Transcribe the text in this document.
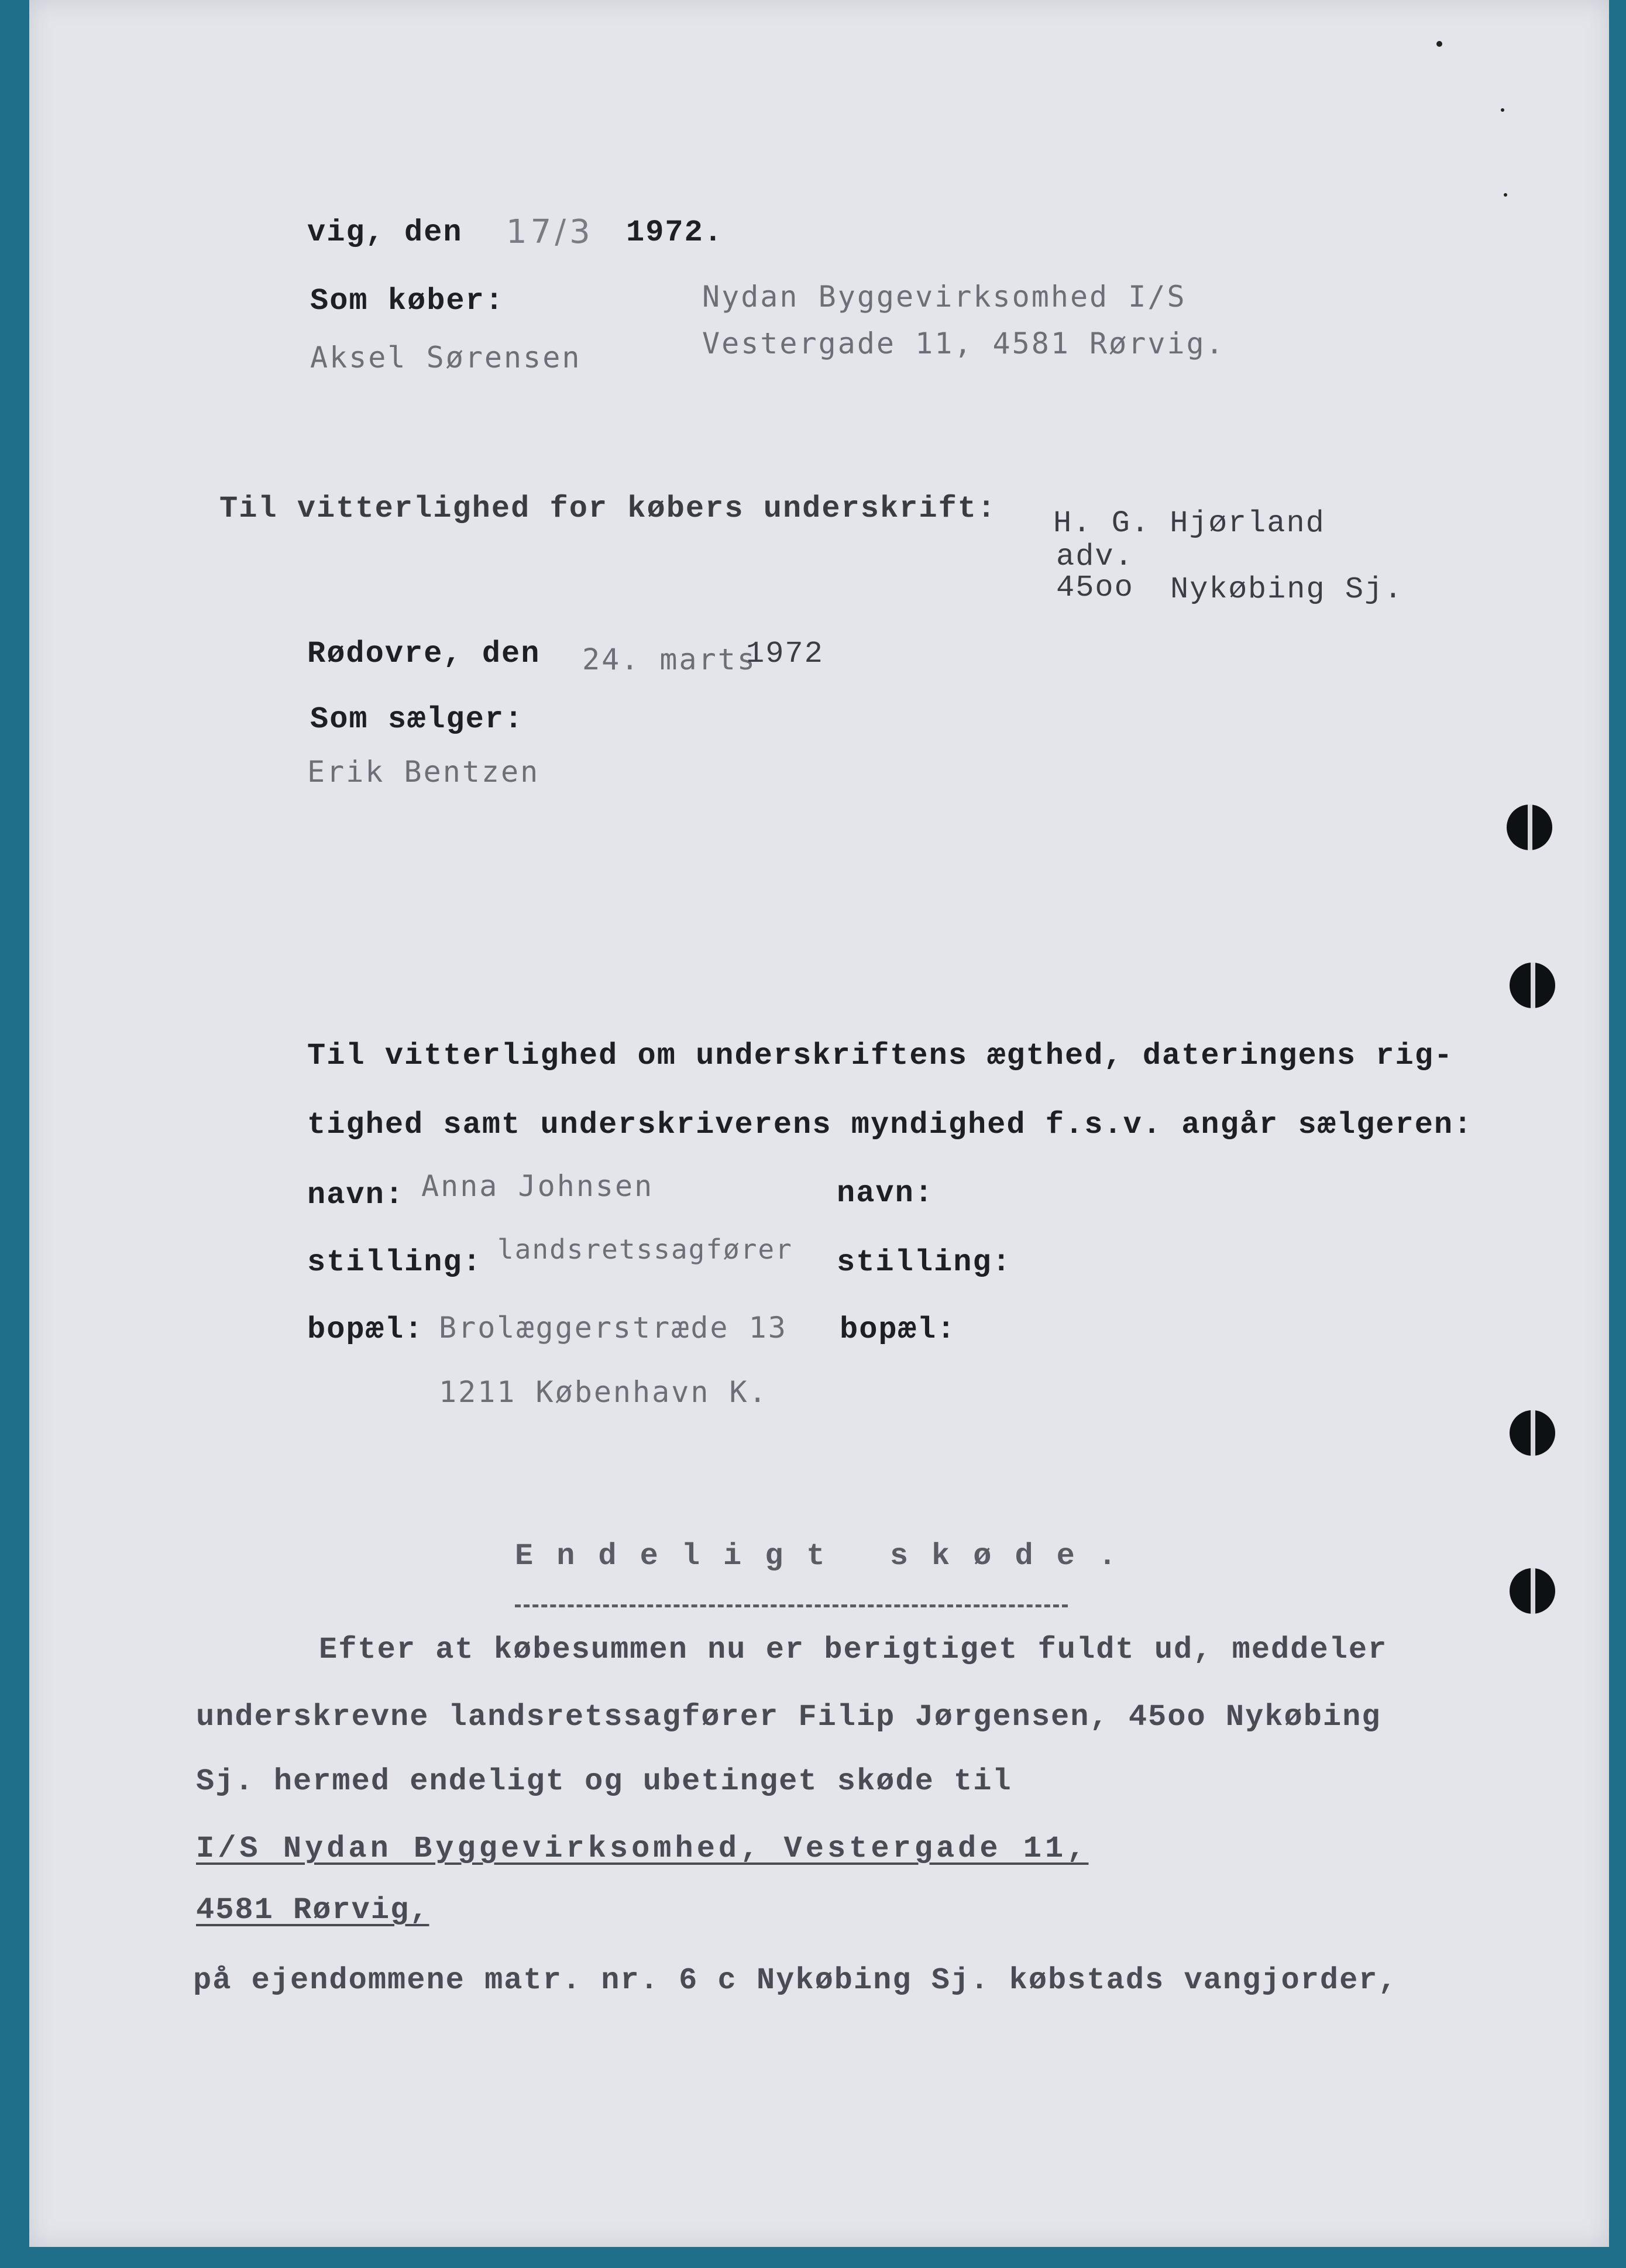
vig, den 17/3 1972.
Som køber:	Nydan Byggevirksomhed I/S
Vestergade 11, 4581 Rørvig.
Aksel Sørensen
Til vitterlighed for købers underskrift: H. G. Hjørland
adv.
45oo Nykøbing Sj.
Rødovre, den 24. marts
1972
Som sælger:
Erik Bentzen
Til vitterlighed om underskriftens ægthed, dateringens rig-
tighed samt underskriverens myndighed f.s.v. angår sælgeren:
navn: Anna Johnsen	navn:
stilling: landsretssagfører stilling:
bopæl: Brolæggerstræde 13 bopæl:
1211 København K.
Endeligt skøde.
Efter at købesummen nu er berigtiget fuldt ud, meddeler
underskrevne landsretssagfører Filip Jørgensen, 45oo Nykøbing
Sj. hermed endeligt og ubetinget skøde til
I/S Nydan Byggevirksomhed, Vestergade 11,
4581 Rørvig,
på ejendommene matr. nr. 6 c Nykøbing Sj. købstads vangjorder,
